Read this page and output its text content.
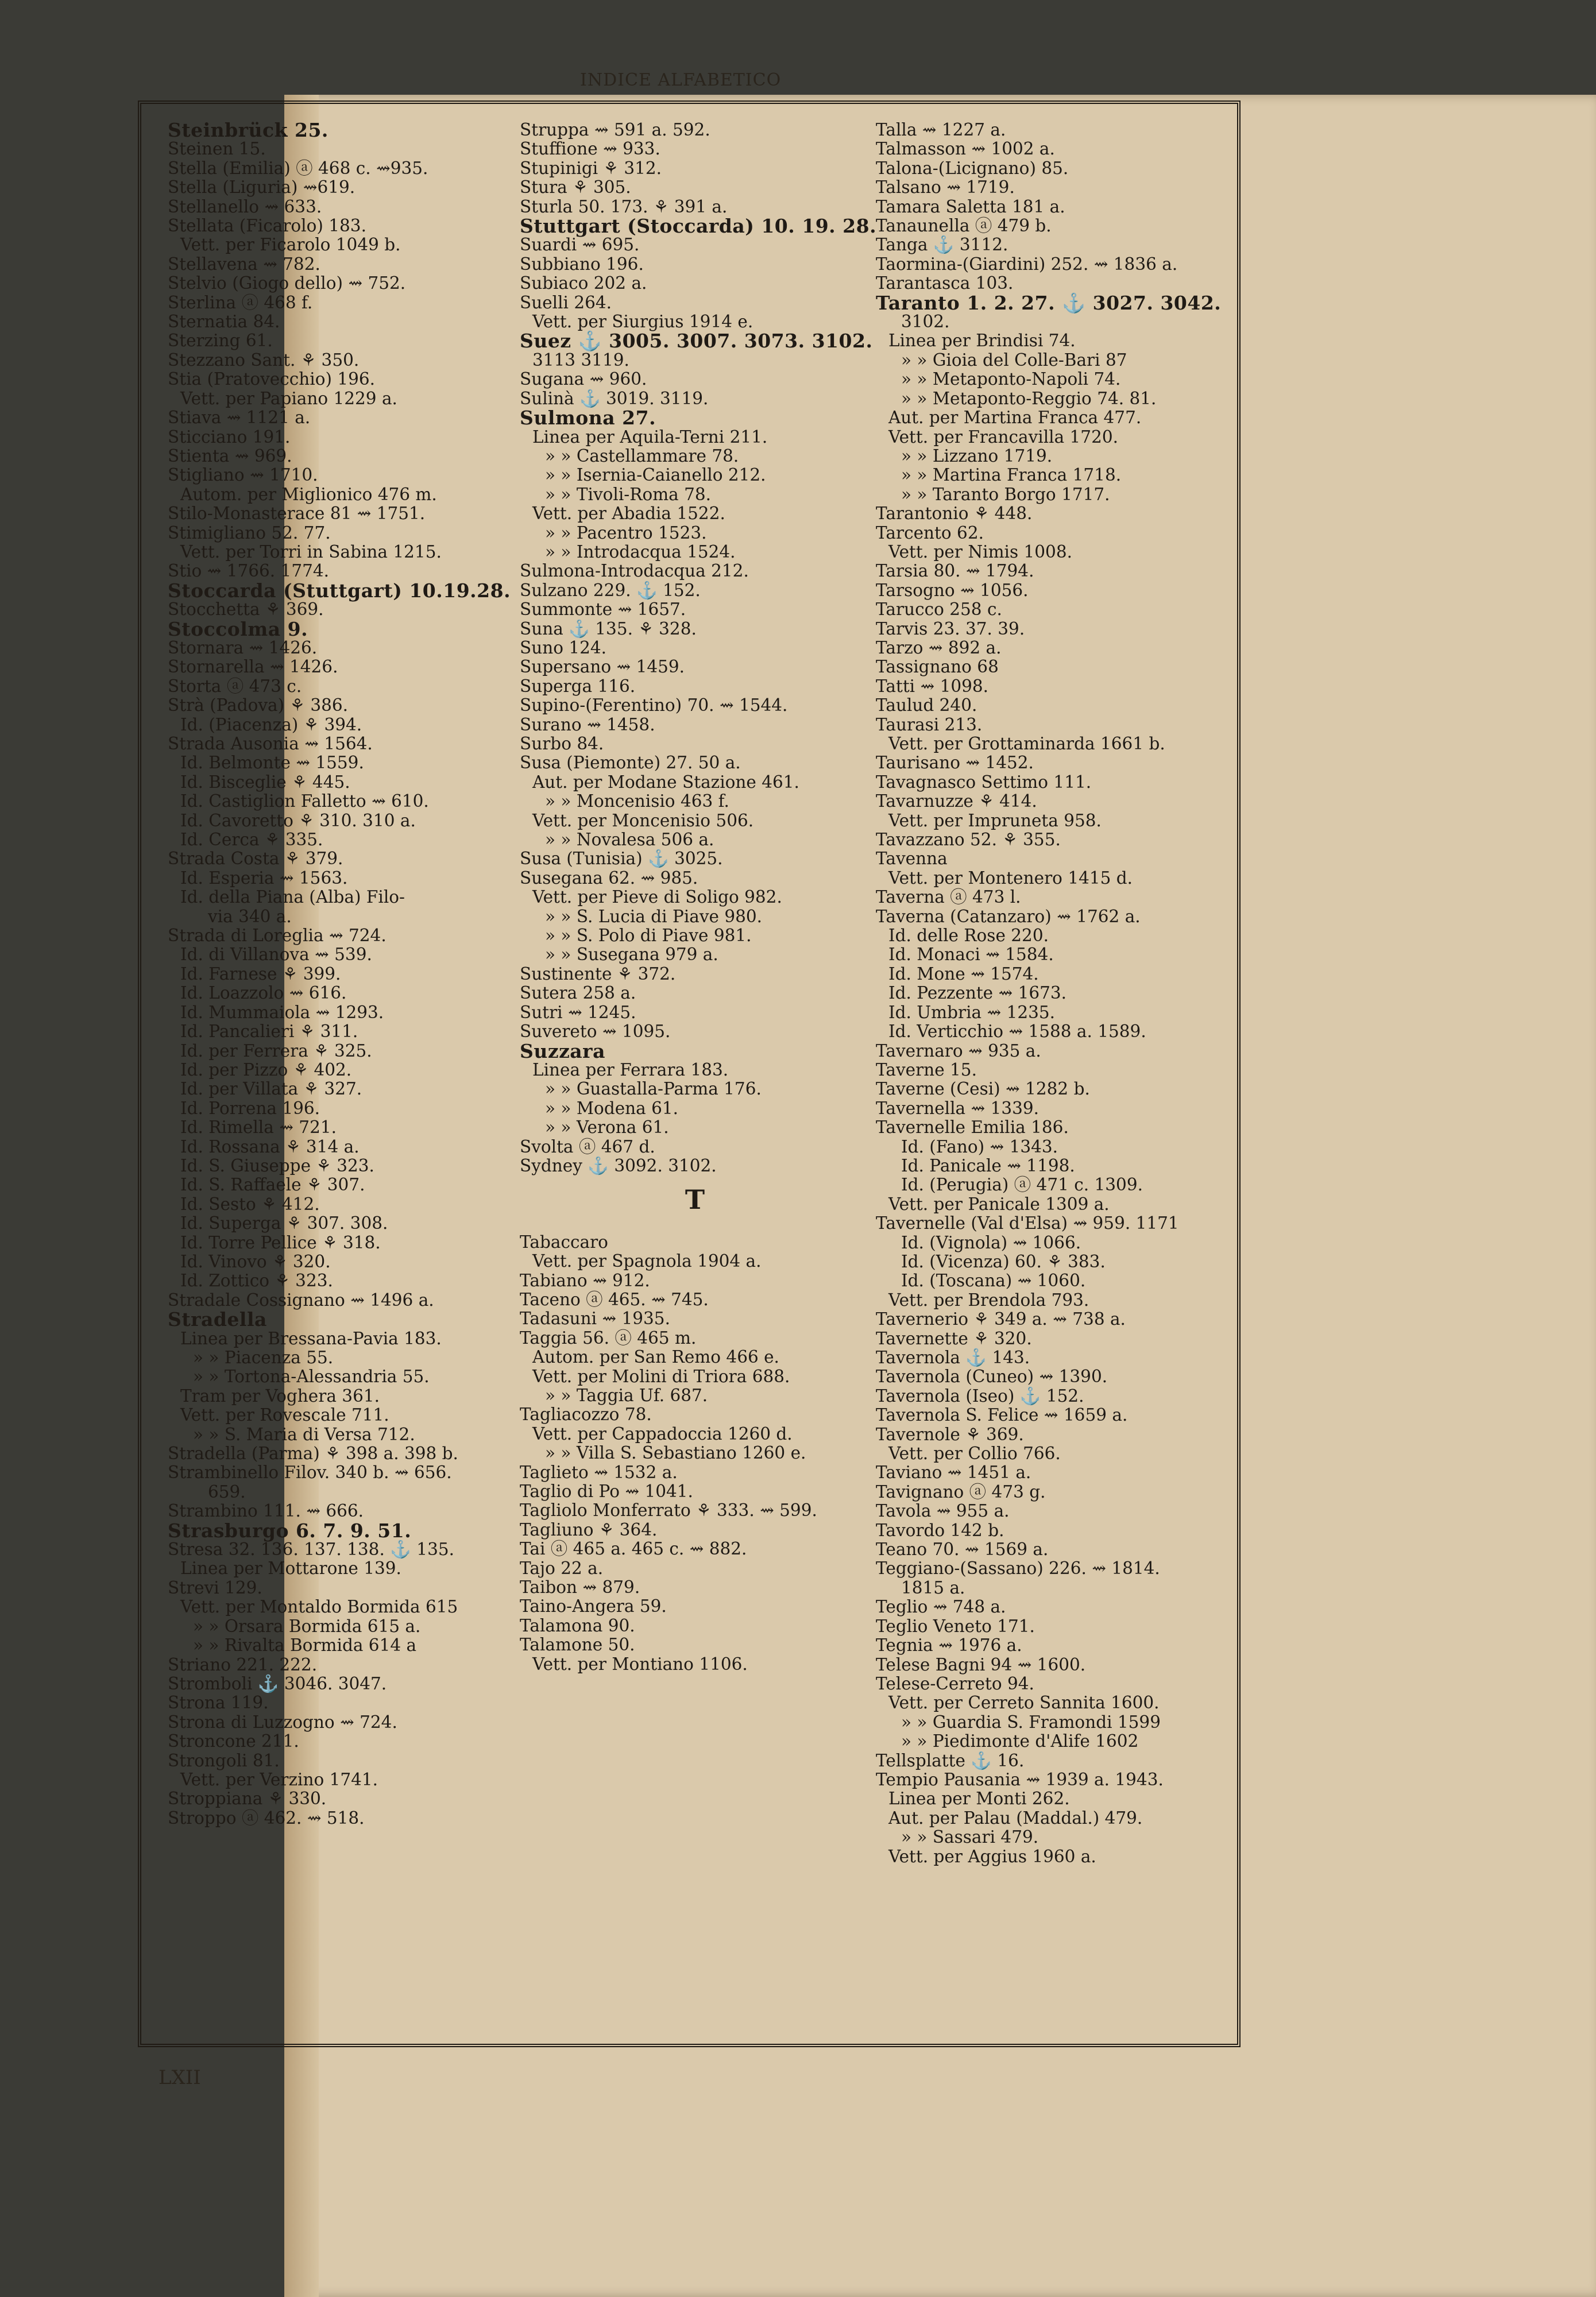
INDICE ALFABETICO
Steinbrück 25.
Steinen 15.
Stella (Emilia) ⓐ 468 c. ⇝935.
Stella (Liguria) ⇝619.
Stellanello ⇝ 633.
Stellata (Ficarolo) 183.
Vett. per Ficarolo 1049 b.
Stellavena ⇝ 782.
Stelvio (Giogo dello) ⇝ 752.
Sterlina ⓐ 468 f.
Sternatia 84.
Sterzing 61.
Stezzano Sant. ⚘ 350.
Stia (Pratovecchio) 196.
Vett. per Papiano 1229 a.
Stiava ⇝ 1121 a.
Sticciano 191.
Stienta ⇝ 969.
Stigliano ⇝ 1710.
Autom. per Miglionico 476 m.
Stilo-Monasterace 81 ⇝ 1751.
Stimigliano 52. 77.
Vett. per Torri in Sabina 1215.
Stio ⇝ 1766. 1774.
Stoccarda (Stuttgart) 10.19.28.
Stocchetta ⚘ 369.
Stoccolma 9.
Stornara ⇝ 1426.
Stornarella ⇝ 1426.
Storta ⓐ 473 c.
Strà (Padova) ⚘ 386.
Id. (Piacenza) ⚘ 394.
Strada Ausonia ⇝ 1564.
Id. Belmonte ⇝ 1559.
Id. Bisceglie ⚘ 445.
Id. Castiglion Falletto ⇝ 610.
Id. Cavoretto ⚘ 310. 310 a.
Id. Cerca ⚘ 335.
Strada Costa ⚘ 379.
Id. Esperia ⇝ 1563.
Id. della Piana (Alba) Filo-
via 340 a.
Strada di Loreglia ⇝ 724.
Id. di Villanova ⇝ 539.
Id. Farnese ⚘ 399.
Id. Loazzolo ⇝ 616.
Id. Mummaiola ⇝ 1293.
Id. Pancalieri ⚘ 311.
Id. per Ferrera ⚘ 325.
Id. per Pizzo ⚘ 402.
Id. per Villata ⚘ 327.
Id. Porrena 196.
Id. Rimella ⇝ 721.
Id. Rossana ⚘ 314 a.
Id. S. Giuseppe ⚘ 323.
Id. S. Raffaele ⚘ 307.
Id. Sesto ⚘ 412.
Id. Superga ⚘ 307. 308.
Id. Torre Pellice ⚘ 318.
Id. Vinovo ⚘ 320.
Id. Zottico ⚘ 323.
Stradale Cossignano ⇝ 1496 a.
Stradella
Linea per Bressana-Pavia 183.
» » Piacenza 55.
» » Tortona-Alessandria 55.
Tram per Voghera 361.
Vett. per Rovescale 711.
» » S. Maria di Versa 712.
Stradella (Parma) ⚘ 398 a. 398 b.
Strambinello Filov. 340 b. ⇝ 656.
659.
Strambino 111. ⇝ 666.
Strasburgo 6. 7. 9. 51.
Stresa 32. 136. 137. 138. ⚓ 135.
Linea per Mottarone 139.
Strevi 129.
Vett. per Montaldo Bormida 615
» » Orsara Bormida 615 a.
» » Rivalta Bormida 614 a
Striano 221. 222.
Stromboli ⚓ 3046. 3047.
Strona 119.
Strona di Luzzogno ⇝ 724.
Stroncone 211.
Strongoli 81.
Vett. per Verzino 1741.
Stroppiana ⚘ 330.
Stroppo ⓐ 462. ⇝ 518.
Struppa ⇝ 591 a. 592.
Stuffione ⇝ 933.
Stupinigi ⚘ 312.
Stura ⚘ 305.
Sturla 50. 173. ⚘ 391 a.
Stuttgart (Stoccarda) 10. 19. 28.
Suardi ⇝ 695.
Subbiano 196.
Subiaco 202 a.
Suelli 264.
Vett. per Siurgius 1914 e.
Suez ⚓ 3005. 3007. 3073. 3102.
3113 3119.
Sugana ⇝ 960.
Sulinà ⚓ 3019. 3119.
Sulmona 27.
Linea per Aquila-Terni 211.
» » Castellammare 78.
» » Isernia-Caianello 212.
» » Tivoli-Roma 78.
Vett. per Abadia 1522.
» » Pacentro 1523.
» » Introdacqua 1524.
Sulmona-Introdacqua 212.
Sulzano 229. ⚓ 152.
Summonte ⇝ 1657.
Suna ⚓ 135. ⚘ 328.
Suno 124.
Supersano ⇝ 1459.
Superga 116.
Supino-(Ferentino) 70. ⇝ 1544.
Surano ⇝ 1458.
Surbo 84.
Susa (Piemonte) 27. 50 a.
Aut. per Modane Stazione 461.
» » Moncenisio 463 f.
Vett. per Moncenisio 506.
» » Novalesa 506 a.
Susa (Tunisia) ⚓ 3025.
Susegana 62. ⇝ 985.
Vett. per Pieve di Soligo 982.
» » S. Lucia di Piave 980.
» » S. Polo di Piave 981.
» » Susegana 979 a.
Sustinente ⚘ 372.
Sutera 258 a.
Sutri ⇝ 1245.
Suvereto ⇝ 1095.
Suzzara
Linea per Ferrara 183.
» » Guastalla-Parma 176.
» » Modena 61.
» » Verona 61.
Svolta ⓐ 467 d.
Sydney ⚓ 3092. 3102.
T
Tabaccaro
Vett. per Spagnola 1904 a.
Tabiano ⇝ 912.
Taceno ⓐ 465. ⇝ 745.
Tadasuni ⇝ 1935.
Taggia 56. ⓐ 465 m.
Autom. per San Remo 466 e.
Vett. per Molini di Triora 688.
» » Taggia Uf. 687.
Tagliacozzo 78.
Vett. per Cappadoccia 1260 d.
» » Villa S. Sebastiano 1260 e.
Taglieto ⇝ 1532 a.
Taglio di Po ⇝ 1041.
Tagliolo Monferrato ⚘ 333. ⇝ 599.
Tagliuno ⚘ 364.
Tai ⓐ 465 a. 465 c. ⇝ 882.
Tajo 22 a.
Taibon ⇝ 879.
Taino-Angera 59.
Talamona 90.
Talamone 50.
Vett. per Montiano 1106.
Talla ⇝ 1227 a.
Talmasson ⇝ 1002 a.
Talona-(Licignano) 85.
Talsano ⇝ 1719.
Tamara Saletta 181 a.
Tanaunella ⓐ 479 b.
Tanga ⚓ 3112.
Taormina-(Giardini) 252. ⇝ 1836 a.
Tarantasca 103.
Taranto 1. 2. 27. ⚓ 3027. 3042.
3102.
Linea per Brindisi 74.
» » Gioia del Colle-Bari 87
» » Metaponto-Napoli 74.
» » Metaponto-Reggio 74. 81.
Aut. per Martina Franca 477.
Vett. per Francavilla 1720.
» » Lizzano 1719.
» » Martina Franca 1718.
» » Taranto Borgo 1717.
Tarantonio ⚘ 448.
Tarcento 62.
Vett. per Nimis 1008.
Tarsia 80. ⇝ 1794.
Tarsogno ⇝ 1056.
Tarucco 258 c.
Tarvis 23. 37. 39.
Tarzo ⇝ 892 a.
Tassignano 68
Tatti ⇝ 1098.
Taulud 240.
Taurasi 213.
Vett. per Grottaminarda 1661 b.
Taurisano ⇝ 1452.
Tavagnasco Settimo 111.
Tavarnuzze ⚘ 414.
Vett. per Impruneta 958.
Tavazzano 52. ⚘ 355.
Tavenna
Vett. per Montenero 1415 d.
Taverna ⓐ 473 l.
Taverna (Catanzaro) ⇝ 1762 a.
Id. delle Rose 220.
Id. Monaci ⇝ 1584.
Id. Mone ⇝ 1574.
Id. Pezzente ⇝ 1673.
Id. Umbria ⇝ 1235.
Id. Verticchio ⇝ 1588 a. 1589.
Tavernaro ⇝ 935 a.
Taverne 15.
Taverne (Cesi) ⇝ 1282 b.
Tavernella ⇝ 1339.
Tavernelle Emilia 186.
Id. (Fano) ⇝ 1343.
Id. Panicale ⇝ 1198.
Id. (Perugia) ⓐ 471 c. 1309.
Vett. per Panicale 1309 a.
Tavernelle (Val d'Elsa) ⇝ 959. 1171
Id. (Vignola) ⇝ 1066.
Id. (Vicenza) 60. ⚘ 383.
Id. (Toscana) ⇝ 1060.
Vett. per Brendola 793.
Tavernerio ⚘ 349 a. ⇝ 738 a.
Tavernette ⚘ 320.
Tavernola ⚓ 143.
Tavernola (Cuneo) ⇝ 1390.
Tavernola (Iseo) ⚓ 152.
Tavernola S. Felice ⇝ 1659 a.
Tavernole ⚘ 369.
Vett. per Collio 766.
Taviano ⇝ 1451 a.
Tavignano ⓐ 473 g.
Tavola ⇝ 955 a.
Tavordo 142 b.
Teano 70. ⇝ 1569 a.
Teggiano-(Sassano) 226. ⇝ 1814.
1815 a.
Teglio ⇝ 748 a.
Teglio Veneto 171.
Tegnia ⇝ 1976 a.
Telese Bagni 94 ⇝ 1600.
Telese-Cerreto 94.
Vett. per Cerreto Sannita 1600.
» » Guardia S. Framondi 1599
» » Piedimonte d'Alife 1602
Tellsplatte ⚓ 16.
Tempio Pausania ⇝ 1939 a. 1943.
Linea per Monti 262.
Aut. per Palau (Maddal.) 479.
» » Sassari 479.
Vett. per Aggius 1960 a.
LXII
